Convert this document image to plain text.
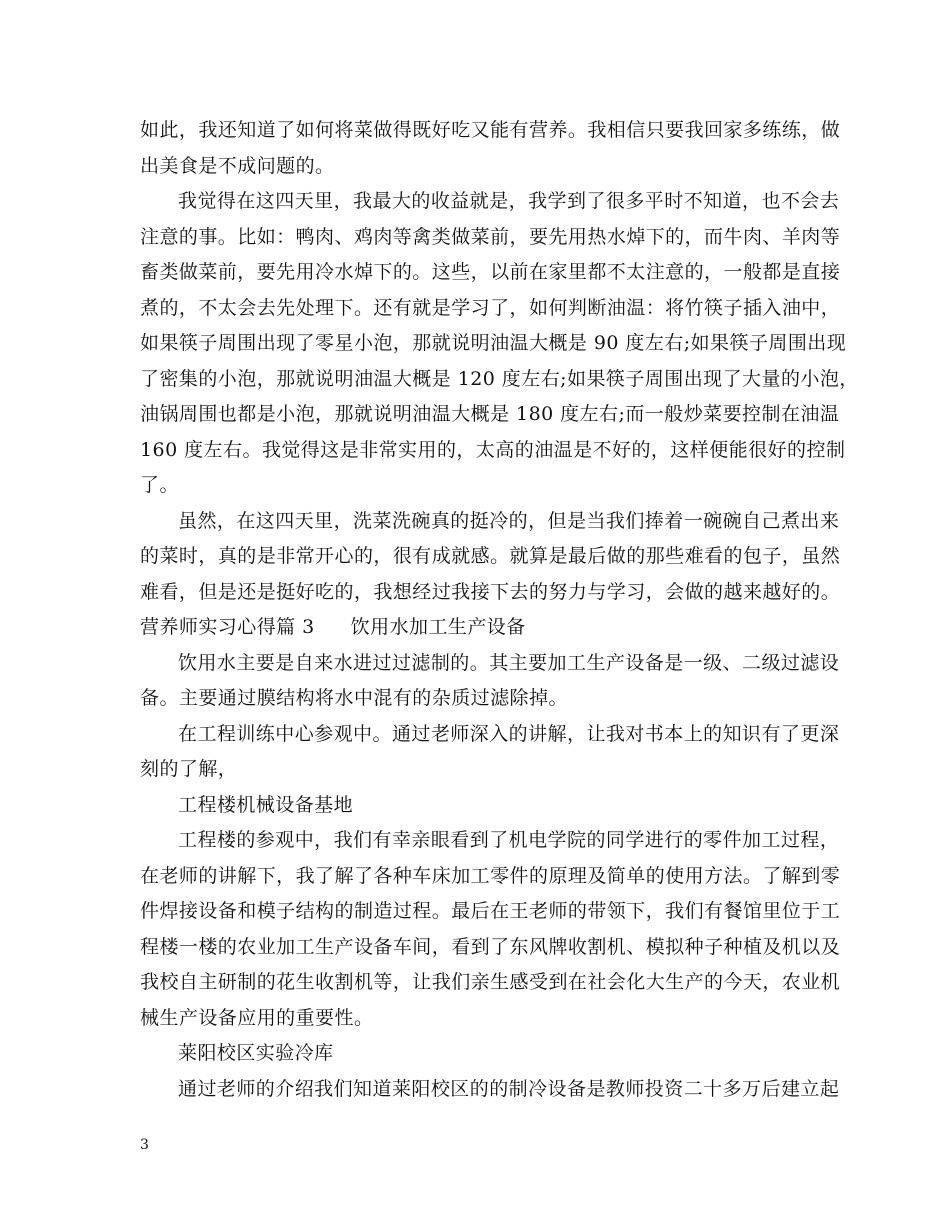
如此，我还知道了如何将菜做得既好吃又能有营养。我相信只要我回家多练练，做
出美食是不成问题的。
我觉得在这四天里，我最大的收益就是，我学到了很多平时不知道，也不会去
注意的事。比如：鸭肉、鸡肉等禽类做菜前，要先用热水焯下的，而牛肉、羊肉等
畜类做菜前，要先用冷水焯下的。这些，以前在家里都不太注意的，一般都是直接
煮的，不太会去先处理下。还有就是学习了，如何判断油温：将竹筷子插入油中，
如果筷子周围出现了零星小泡，那就说明油温大概是 90 度左右;如果筷子周围出现
了密集的小泡，那就说明油温大概是 120 度左右;如果筷子周围出现了大量的小泡，
油锅周围也都是小泡，那就说明油温大概是 180 度左右;而一般炒菜要控制在油温
160 度左右。我觉得这是非常实用的，太高的油温是不好的，这样便能很好的控制
了。
虽然，在这四天里，洗菜洗碗真的挺冷的，但是当我们捧着一碗碗自己煮出来
的菜时，真的是非常开心的，很有成就感。就算是最后做的那些难看的包子，虽然
难看，但是还是挺好吃的，我想经过我接下去的努力与学习，会做的越来越好的。
营养师实习心得篇 3 饮用水加工生产设备
饮用水主要是自来水进过过滤制的。其主要加工生产设备是一级、二级过滤设
备。主要通过膜结构将水中混有的杂质过滤除掉。
在工程训练中心参观中。通过老师深入的讲解，让我对书本上的知识有了更深
刻的了解，
工程楼机械设备基地
工程楼的参观中，我们有幸亲眼看到了机电学院的同学进行的零件加工过程，
在老师的讲解下，我了解了各种车床加工零件的原理及简单的使用方法。了解到零
件焊接设备和模子结构的制造过程。最后在王老师的带领下，我们有餐馆里位于工
程楼一楼的农业加工生产设备车间，看到了东风牌收割机、模拟种子种植及机以及
我校自主研制的花生收割机等，让我们亲生感受到在社会化大生产的今天，农业机
械生产设备应用的重要性。
莱阳校区实验冷库
通过老师的介绍我们知道莱阳校区的的制冷设备是教师投资二十多万后建立起
3
